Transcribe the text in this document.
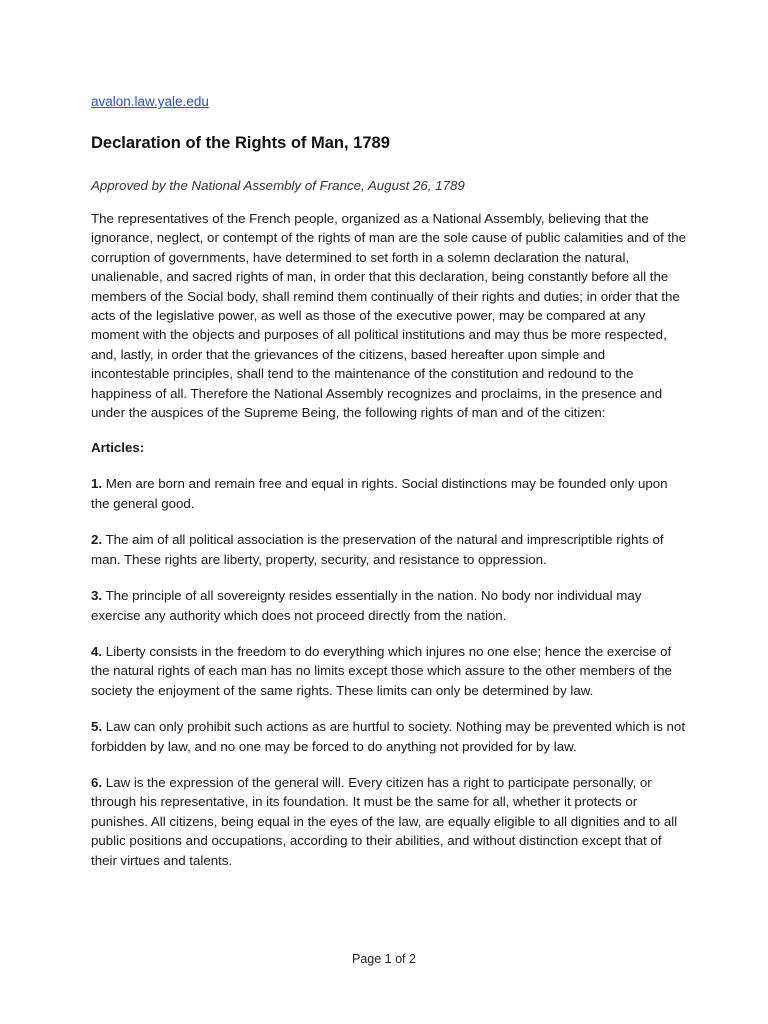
avalon.law.yale.edu
Declaration of the Rights of Man, 1789

Approved by the National Assembly of France, August 26, 1789

The representatives of the French people, organized as a National Assembly, believing that the ignorance, neglect, or contempt of the rights of man are the sole cause of public calamities and of the corruption of governments, have determined to set forth in a solemn declaration the natural, unalienable, and sacred rights of man, in order that this declaration, being constantly before all the members of the Social body, shall remind them continually of their rights and duties; in order that the acts of the legislative power, as well as those of the executive power, may be compared at any moment with the objects and purposes of all political institutions and may thus be more respected, and, lastly, in order that the grievances of the citizens, based hereafter upon simple and incontestable principles, shall tend to the maintenance of the constitution and redound to the happiness of all. Therefore the National Assembly recognizes and proclaims, in the presence and under the auspices of the Supreme Being, the following rights of man and of the citizen:

Articles:

1. Men are born and remain free and equal in rights. Social distinctions may be founded only upon the general good.

2. The aim of all political association is the preservation of the natural and imprescriptible rights of man. These rights are liberty, property, security, and resistance to oppression.

3. The principle of all sovereignty resides essentially in the nation. No body nor individual may exercise any authority which does not proceed directly from the nation.

4. Liberty consists in the freedom to do everything which injures no one else; hence the exercise of the natural rights of each man has no limits except those which assure to the other members of the society the enjoyment of the same rights. These limits can only be determined by law.

5. Law can only prohibit such actions as are hurtful to society. Nothing may be prevented which is not forbidden by law, and no one may be forced to do anything not provided for by law.

6. Law is the expression of the general will. Every citizen has a right to participate personally, or through his representative, in its foundation. It must be the same for all, whether it protects or punishes. All citizens, being equal in the eyes of the law, are equally eligible to all dignities and to all public positions and occupations, according to their abilities, and without distinction except that of their virtues and talents.

Page 1 of 2
